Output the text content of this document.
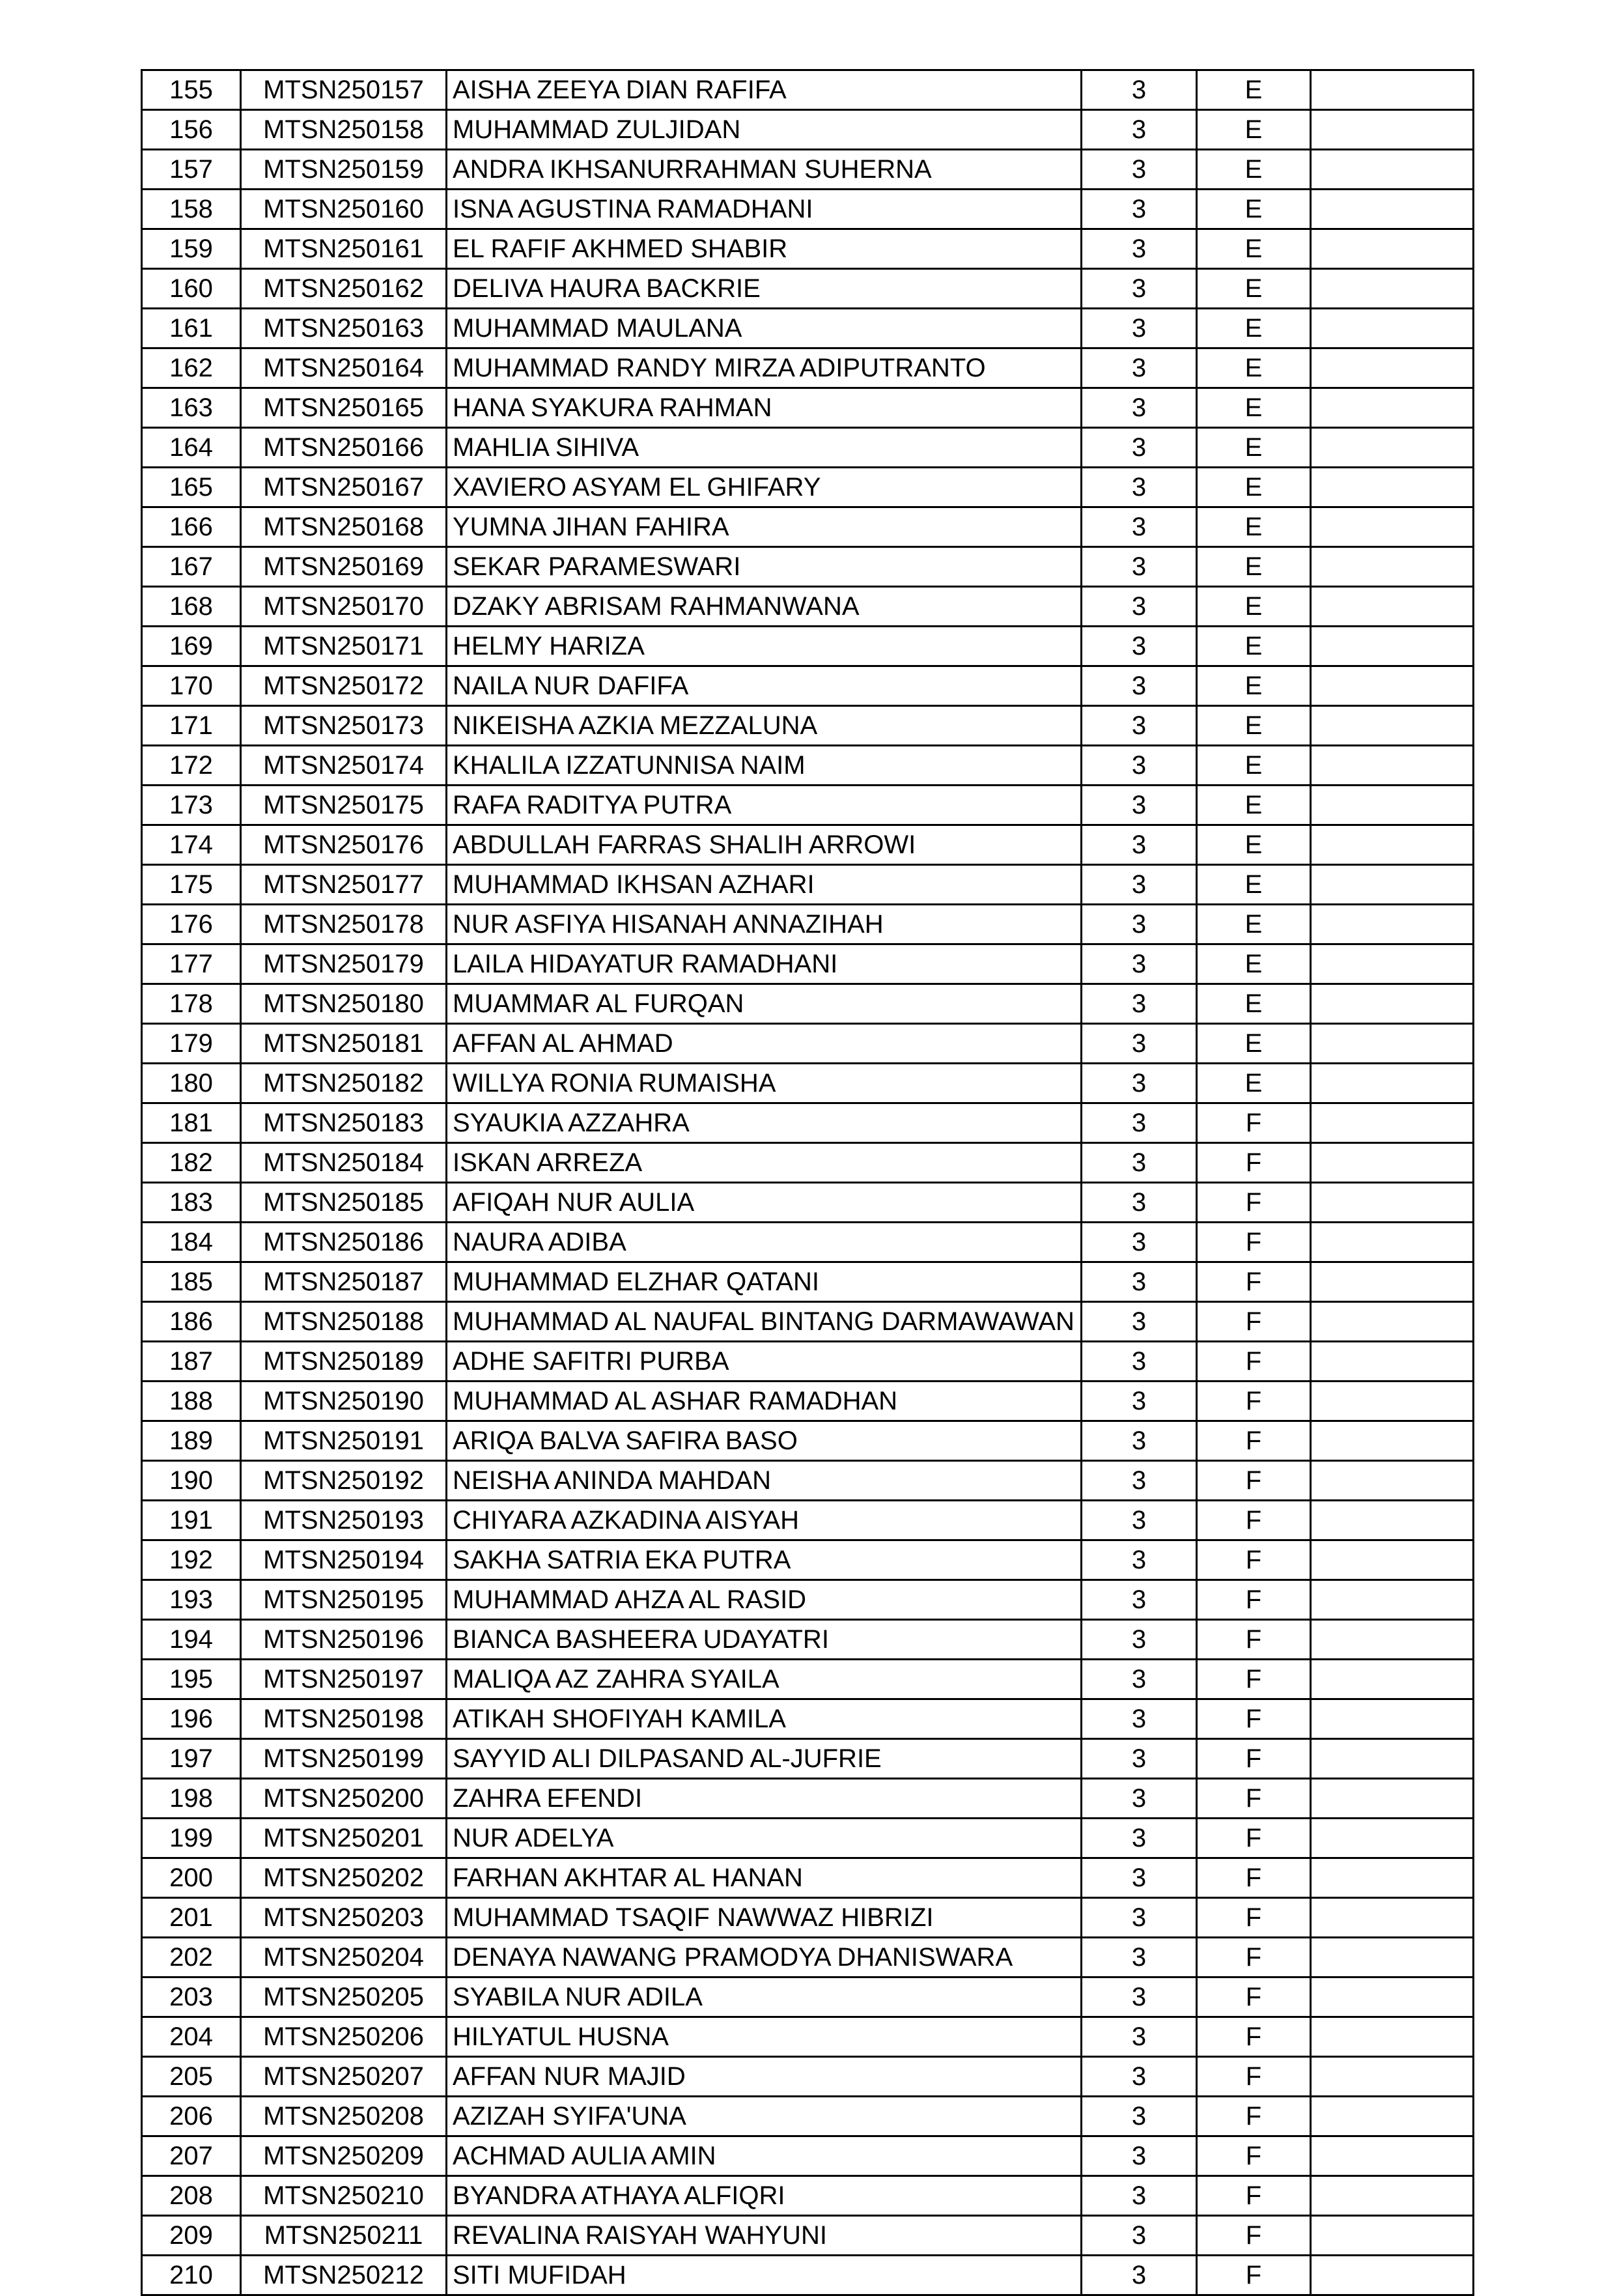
155	MTSN250157	AISHA ZEEYA DIAN RAFIFA	3	E	
156	MTSN250158	MUHAMMAD ZULJIDAN	3	E	
157	MTSN250159	ANDRA IKHSANURRAHMAN SUHERNA	3	E	
158	MTSN250160	ISNA AGUSTINA RAMADHANI	3	E	
159	MTSN250161	EL RAFIF AKHMED SHABIR	3	E	
160	MTSN250162	DELIVA HAURA BACKRIE	3	E	
161	MTSN250163	MUHAMMAD MAULANA	3	E	
162	MTSN250164	MUHAMMAD RANDY MIRZA ADIPUTRANTO	3	E	
163	MTSN250165	HANA SYAKURA RAHMAN	3	E	
164	MTSN250166	MAHLIA SIHIVA	3	E	
165	MTSN250167	XAVIERO ASYAM EL GHIFARY	3	E	
166	MTSN250168	YUMNA JIHAN FAHIRA	3	E	
167	MTSN250169	SEKAR PARAMESWARI	3	E	
168	MTSN250170	DZAKY ABRISAM RAHMANWANA	3	E	
169	MTSN250171	HELMY HARIZA	3	E	
170	MTSN250172	NAILA NUR DAFIFA	3	E	
171	MTSN250173	NIKEISHA AZKIA MEZZALUNA	3	E	
172	MTSN250174	KHALILA IZZATUNNISA NAIM	3	E	
173	MTSN250175	RAFA RADITYA PUTRA	3	E	
174	MTSN250176	ABDULLAH FARRAS SHALIH ARROWI	3	E	
175	MTSN250177	MUHAMMAD IKHSAN AZHARI	3	E	
176	MTSN250178	NUR ASFIYA HISANAH ANNAZIHAH	3	E	
177	MTSN250179	LAILA HIDAYATUR RAMADHANI	3	E	
178	MTSN250180	MUAMMAR AL FURQAN	3	E	
179	MTSN250181	AFFAN AL AHMAD	3	E	
180	MTSN250182	WILLYA RONIA RUMAISHA	3	E	
181	MTSN250183	SYAUKIA AZZAHRA	3	F	
182	MTSN250184	ISKAN ARREZA	3	F	
183	MTSN250185	AFIQAH NUR AULIA	3	F	
184	MTSN250186	NAURA ADIBA	3	F	
185	MTSN250187	MUHAMMAD ELZHAR QATANI	3	F	
186	MTSN250188	MUHAMMAD AL NAUFAL BINTANG DARMAWAWAN	3	F	
187	MTSN250189	ADHE SAFITRI PURBA	3	F	
188	MTSN250190	MUHAMMAD AL ASHAR RAMADHAN	3	F	
189	MTSN250191	ARIQA BALVA SAFIRA BASO	3	F	
190	MTSN250192	NEISHA ANINDA MAHDAN	3	F	
191	MTSN250193	CHIYARA AZKADINA AISYAH	3	F	
192	MTSN250194	SAKHA SATRIA EKA PUTRA	3	F	
193	MTSN250195	MUHAMMAD AHZA AL RASID	3	F	
194	MTSN250196	BIANCA BASHEERA UDAYATRI	3	F	
195	MTSN250197	MALIQA AZ ZAHRA SYAILA	3	F	
196	MTSN250198	ATIKAH SHOFIYAH KAMILA	3	F	
197	MTSN250199	SAYYID ALI DILPASAND AL-JUFRIE	3	F	
198	MTSN250200	ZAHRA EFENDI	3	F	
199	MTSN250201	NUR ADELYA	3	F	
200	MTSN250202	FARHAN AKHTAR AL HANAN	3	F	
201	MTSN250203	MUHAMMAD TSAQIF NAWWAZ HIBRIZI	3	F	
202	MTSN250204	DENAYA NAWANG PRAMODYA DHANISWARA	3	F	
203	MTSN250205	SYABILA NUR ADILA	3	F	
204	MTSN250206	HILYATUL HUSNA	3	F	
205	MTSN250207	AFFAN NUR MAJID	3	F	
206	MTSN250208	AZIZAH SYIFA'UNA	3	F	
207	MTSN250209	ACHMAD AULIA AMIN	3	F	
208	MTSN250210	BYANDRA ATHAYA ALFIQRI	3	F	
209	MTSN250211	REVALINA RAISYAH WAHYUNI	3	F	
210	MTSN250212	SITI MUFIDAH	3	F	
